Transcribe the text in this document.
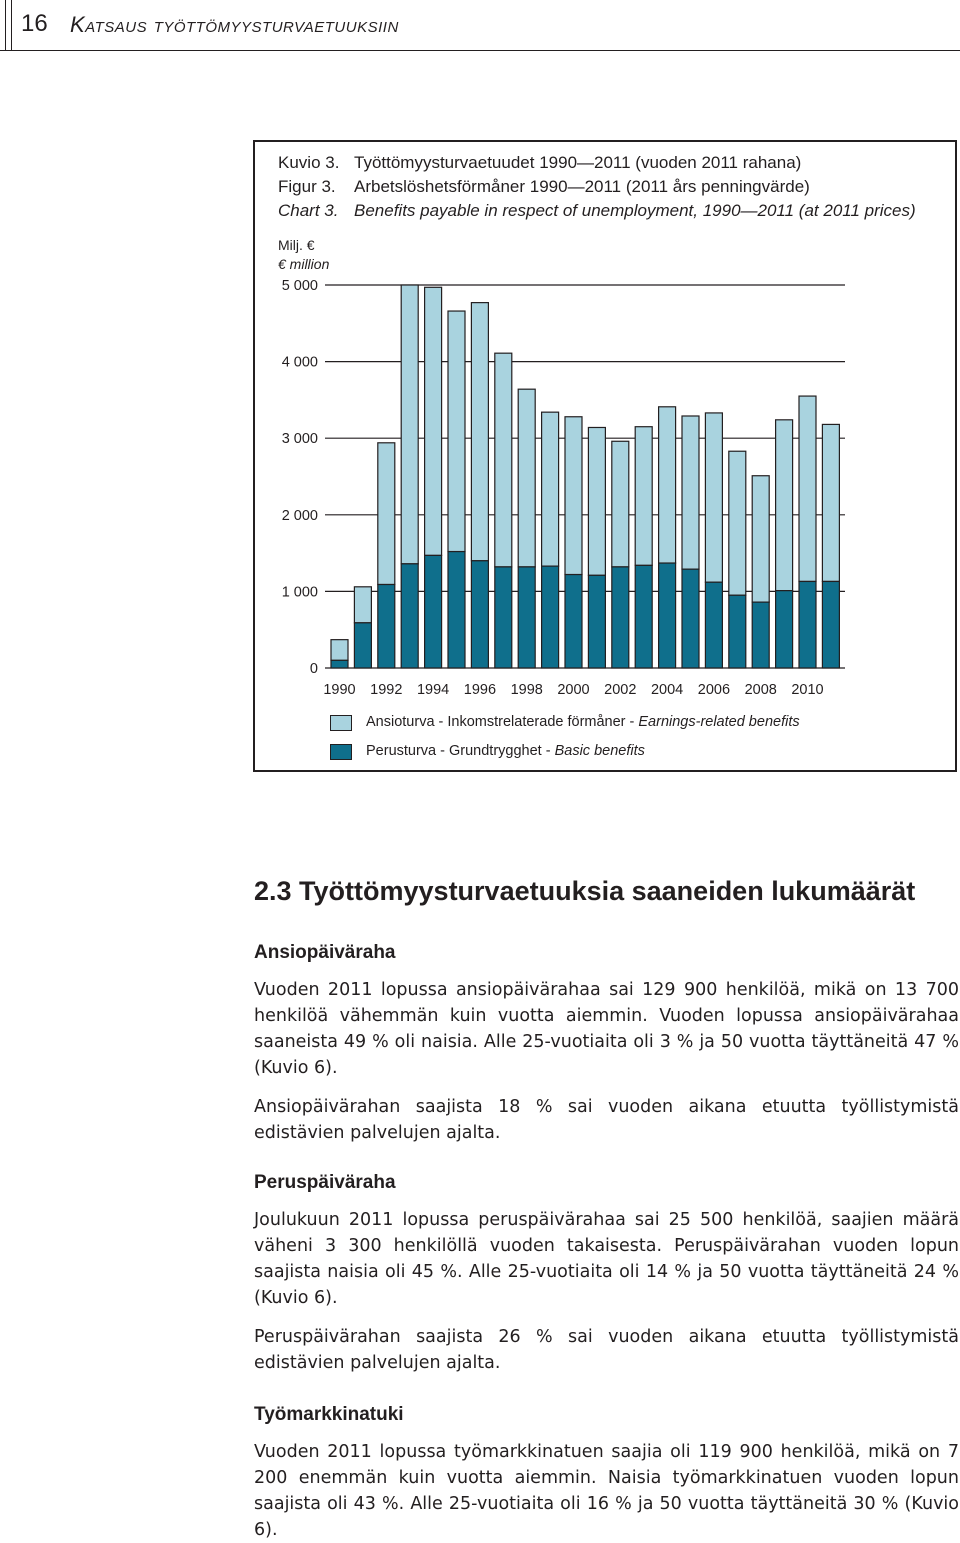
16 Katsaus työttömyysturvaetuuksiin
Kuvio 3. Työttömyysturvaetuudet 1990—2011 (vuoden 2011 rahana)
Figur 3. Arbetslöshetsförmåner 1990—2011 (2011 års penningvärde)
Chart 3. Benefits payable in respect of unemployment, 1990—2011 (at 2011 prices)
0
1 000
2 000
3 000
4 000
5 000
1990 1992 1994 1996 1998 2000 2002 2004 2006 2008 2010
Milj. €
€ million
Ansioturva - Inkomstrelaterade förmåner - Earnings-related benefits
Perusturva - Grundtrygghet - Basic benefits
2.3 Työttömyysturvaetuuksia saaneiden lukumäärät
Ansiopäiväraha
Vuoden 2011 lopussa ansiopäivärahaa sai 129 900 henkilöä, mikä on 13 700 henkilöä vähemmän kuin vuotta aiemmin. Vuoden lopussa ansiopäivärahaa saaneista 49 % oli naisia. Alle 25-vuotiaita oli 3 % ja 50 vuotta täyttäneitä 47 % (Kuvio 6).
Ansiopäivärahan saajista 18 % sai vuoden aikana etuutta työllistymistä edistävien palvelujen ajalta.
Peruspäiväraha
Joulukuun 2011 lopussa peruspäivärahaa sai 25 500 henkilöä, saajien määrä väheni 3 300 henkilöllä vuoden takaisesta. Peruspäivärahan vuoden lopun saajista naisia oli 45 %. Alle 25-vuotiaita oli 14 % ja 50 vuotta täyttäneitä 24 % (Kuvio 6).
Peruspäivärahan saajista 26 % sai vuoden aikana etuutta työllistymistä edistävien palvelujen ajalta.
Työmarkkinatuki
Vuoden 2011 lopussa työmarkkinatuen saajia oli 119 900 henkilöä, mikä on 7 200 enemmän kuin vuotta aiemmin. Naisia työmarkkinatuen vuoden lopun saajista oli 43 %. Alle 25-vuotiaita oli 16 % ja 50 vuotta täyttäneitä 30 % (Kuvio 6).
